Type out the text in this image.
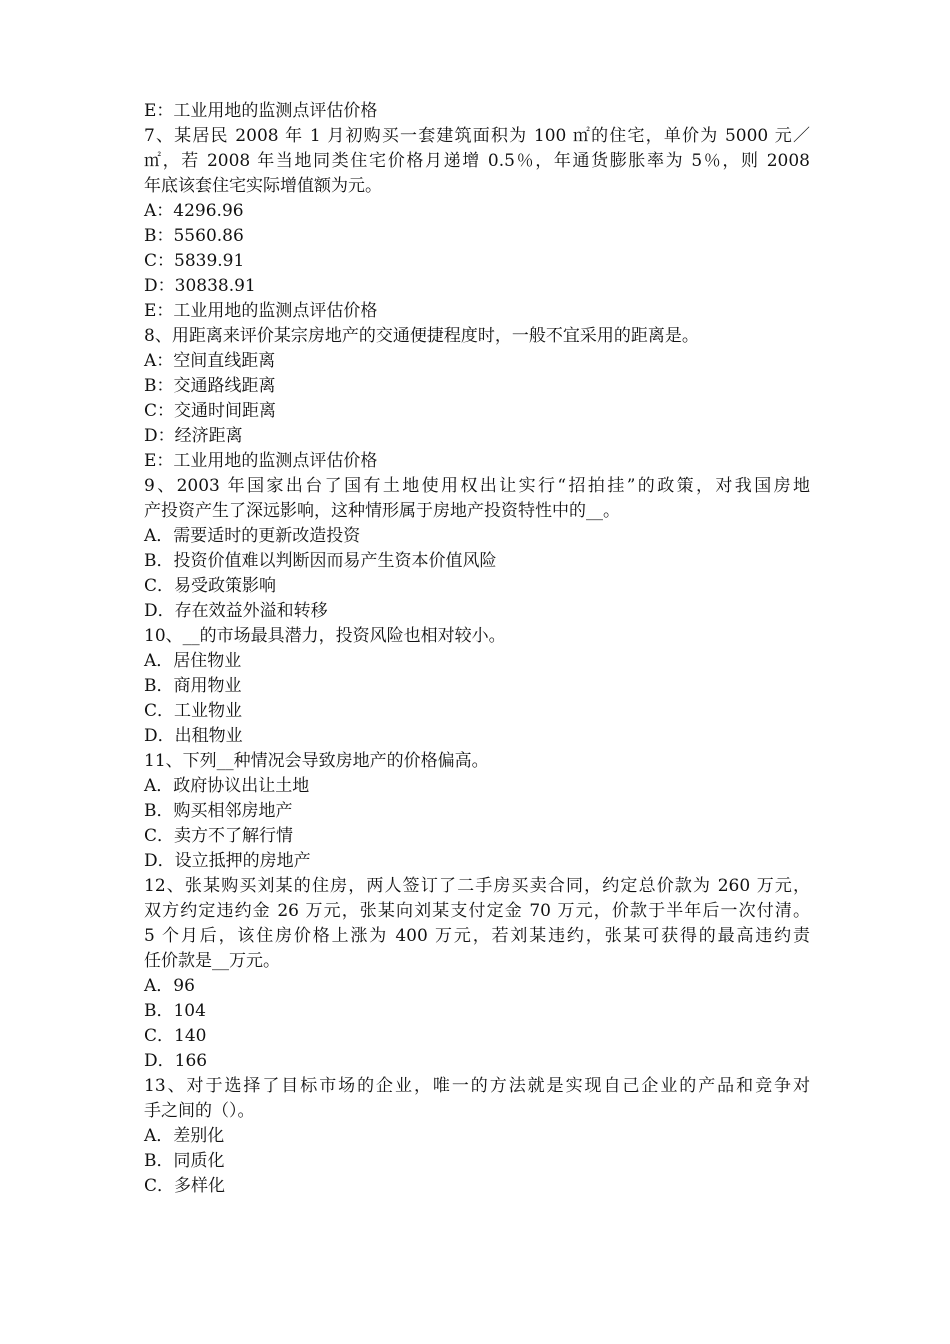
E：工业用地的监测点评估价格
7、某居民 2008 年 1 月初购买一套建筑面积为 100 ㎡的住宅，单价为 5000 元／
㎡，若 2008 年当地同类住宅价格月递增 0.5％，年通货膨胀率为 5％，则 2008
年底该套住宅实际增值额为元。
A：4296.96
B：5560.86
C：5839.91
D：30838.91
E：工业用地的监测点评估价格
8、用距离来评价某宗房地产的交通便捷程度时，一般不宜采用的距离是。
A：空间直线距离
B：交通路线距离
C：交通时间距离
D：经济距离
E：工业用地的监测点评估价格
9、2003 年国家出台了国有土地使用权出让实行“招拍挂”的政策，对我国房地
产投资产生了深远影响，这种情形属于房地产投资特性中的__。
A．需要适时的更新改造投资
B．投资价值难以判断因而易产生资本价值风险
C．易受政策影响
D．存在效益外溢和转移
10、__的市场最具潜力，投资风险也相对较小。
A．居住物业
B．商用物业
C．工业物业
D．出租物业
11、下列__种情况会导致房地产的价格偏高。
A．政府协议出让土地
B．购买相邻房地产
C．卖方不了解行情
D．设立抵押的房地产
12、张某购买刘某的住房，两人签订了二手房买卖合同，约定总价款为 260 万元，
双方约定违约金 26 万元，张某向刘某支付定金 70 万元，价款于半年后一次付清。
5 个月后，该住房价格上涨为 400 万元，若刘某违约，张某可获得的最高违约责
任价款是__万元。
A．96
B．104
C．140
D．166
13、对于选择了目标市场的企业，唯一的方法就是实现自己企业的产品和竞争对
手之间的（）。
A．差别化
B．同质化
C．多样化
